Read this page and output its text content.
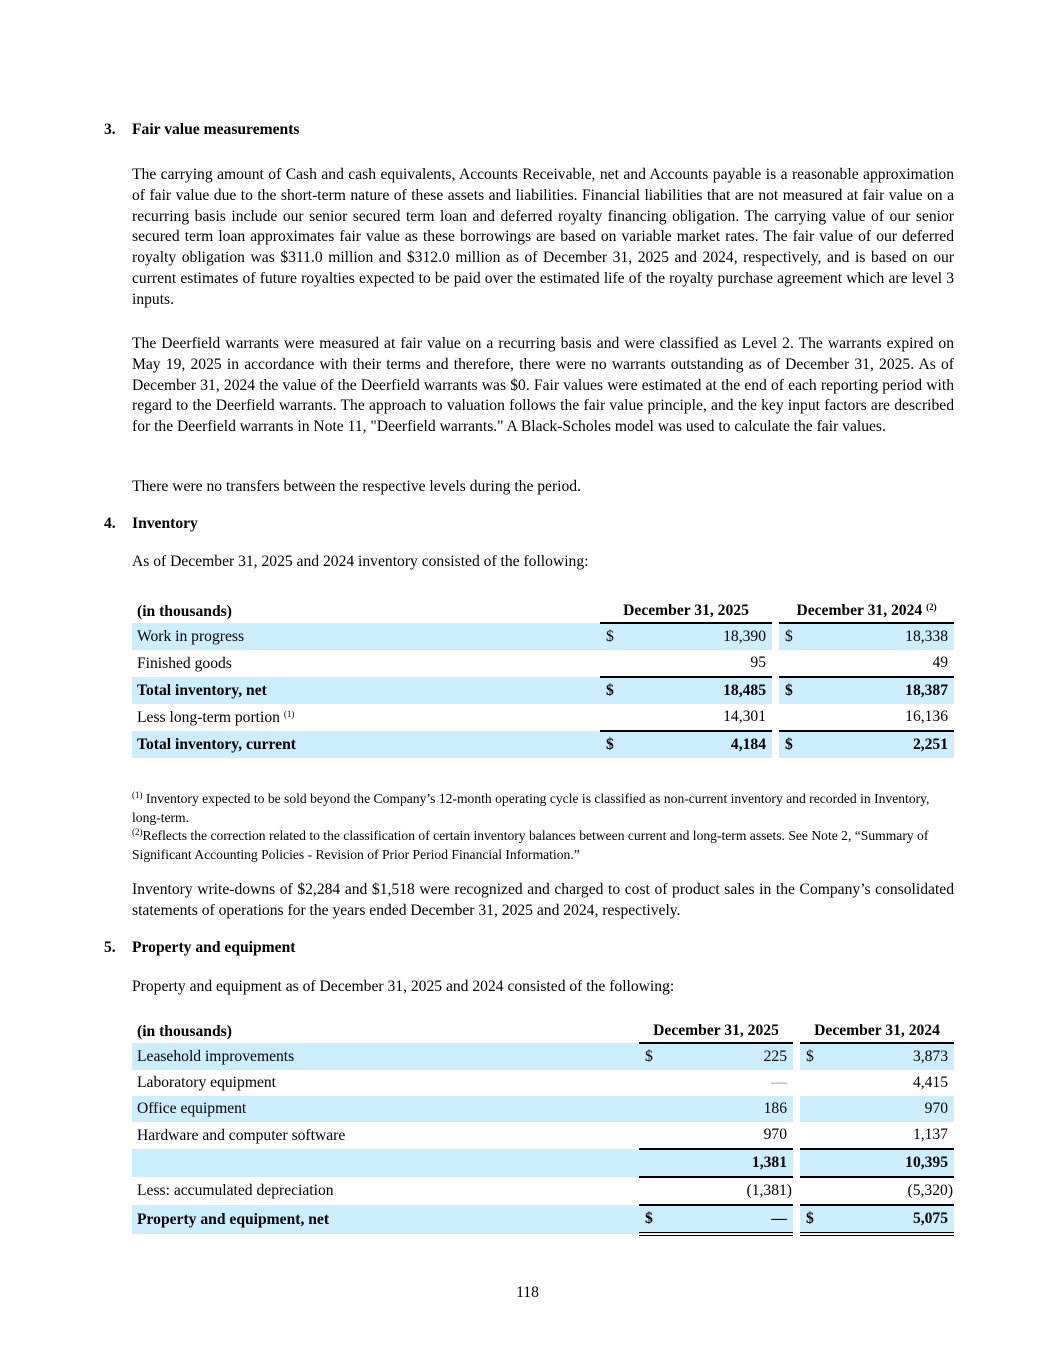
3. Fair value measurements
The carrying amount of Cash and cash equivalents, Accounts Receivable, net and Accounts payable is a reasonable approximation of fair value due to the short-term nature of these assets and liabilities. Financial liabilities that are not measured at fair value on a recurring basis include our senior secured term loan and deferred royalty financing obligation. The carrying value of our senior secured term loan approximates fair value as these borrowings are based on variable market rates. The fair value of our deferred royalty obligation was $311.0 million and $312.0 million as of December 31, 2025 and 2024, respectively, and is based on our current estimates of future royalties expected to be paid over the estimated life of the royalty purchase agreement which are level 3 inputs.
The Deerfield warrants were measured at fair value on a recurring basis and were classified as Level 2. The warrants expired on May 19, 2025 in accordance with their terms and therefore, there were no warrants outstanding as of December 31, 2025. As of December 31, 2024 the value of the Deerfield warrants was $0. Fair values were estimated at the end of each reporting period with regard to the Deerfield warrants. The approach to valuation follows the fair value principle, and the key input factors are described for the Deerfield warrants in Note 11, "Deerfield warrants." A Black-Scholes model was used to calculate the fair values.
There were no transfers between the respective levels during the period.
4. Inventory
As of December 31, 2025 and 2024 inventory consisted of the following:
(in thousands)	December 31, 2025			December 31, 2024 $^{(2)}$
Work in progress	$	18,390		$	18,338
Finished goods		95			49
Total inventory, net	$	18,485		$	18,387
Less long-term portion $^{(1)}$		14,301			16,136
Total inventory, current	$	4,184		$	2,251
$^{(1)}$ Inventory expected to be sold beyond the Company’s 12-month operating cycle is classified as non-current inventory and recorded in Inventory, long-term.
$^{(2)}$Reflects the correction related to the classification of certain inventory balances between current and long-term assets. See Note 2, “Summary of Significant Accounting Policies - Revision of Prior Period Financial Information.”
Inventory write-downs of $2,284 and $1,518 were recognized and charged to cost of product sales in the Company’s consolidated statements of operations for the years ended December 31, 2025 and 2024, respectively.
5. Property and equipment
Property and equipment as of December 31, 2025 and 2024 consisted of the following:
(in thousands)	December 31, 2025			December 31, 2024	
Leasehold improvements	$	225		$	3,873
Laboratory equipment		—			4,415
Office equipment		186			970
Hardware and computer software		970			1,137
		1,381			10,395
Less: accumulated depreciation		(1,381)			(5,320)
Property and equipment, net	$	—		$	5,075
118
